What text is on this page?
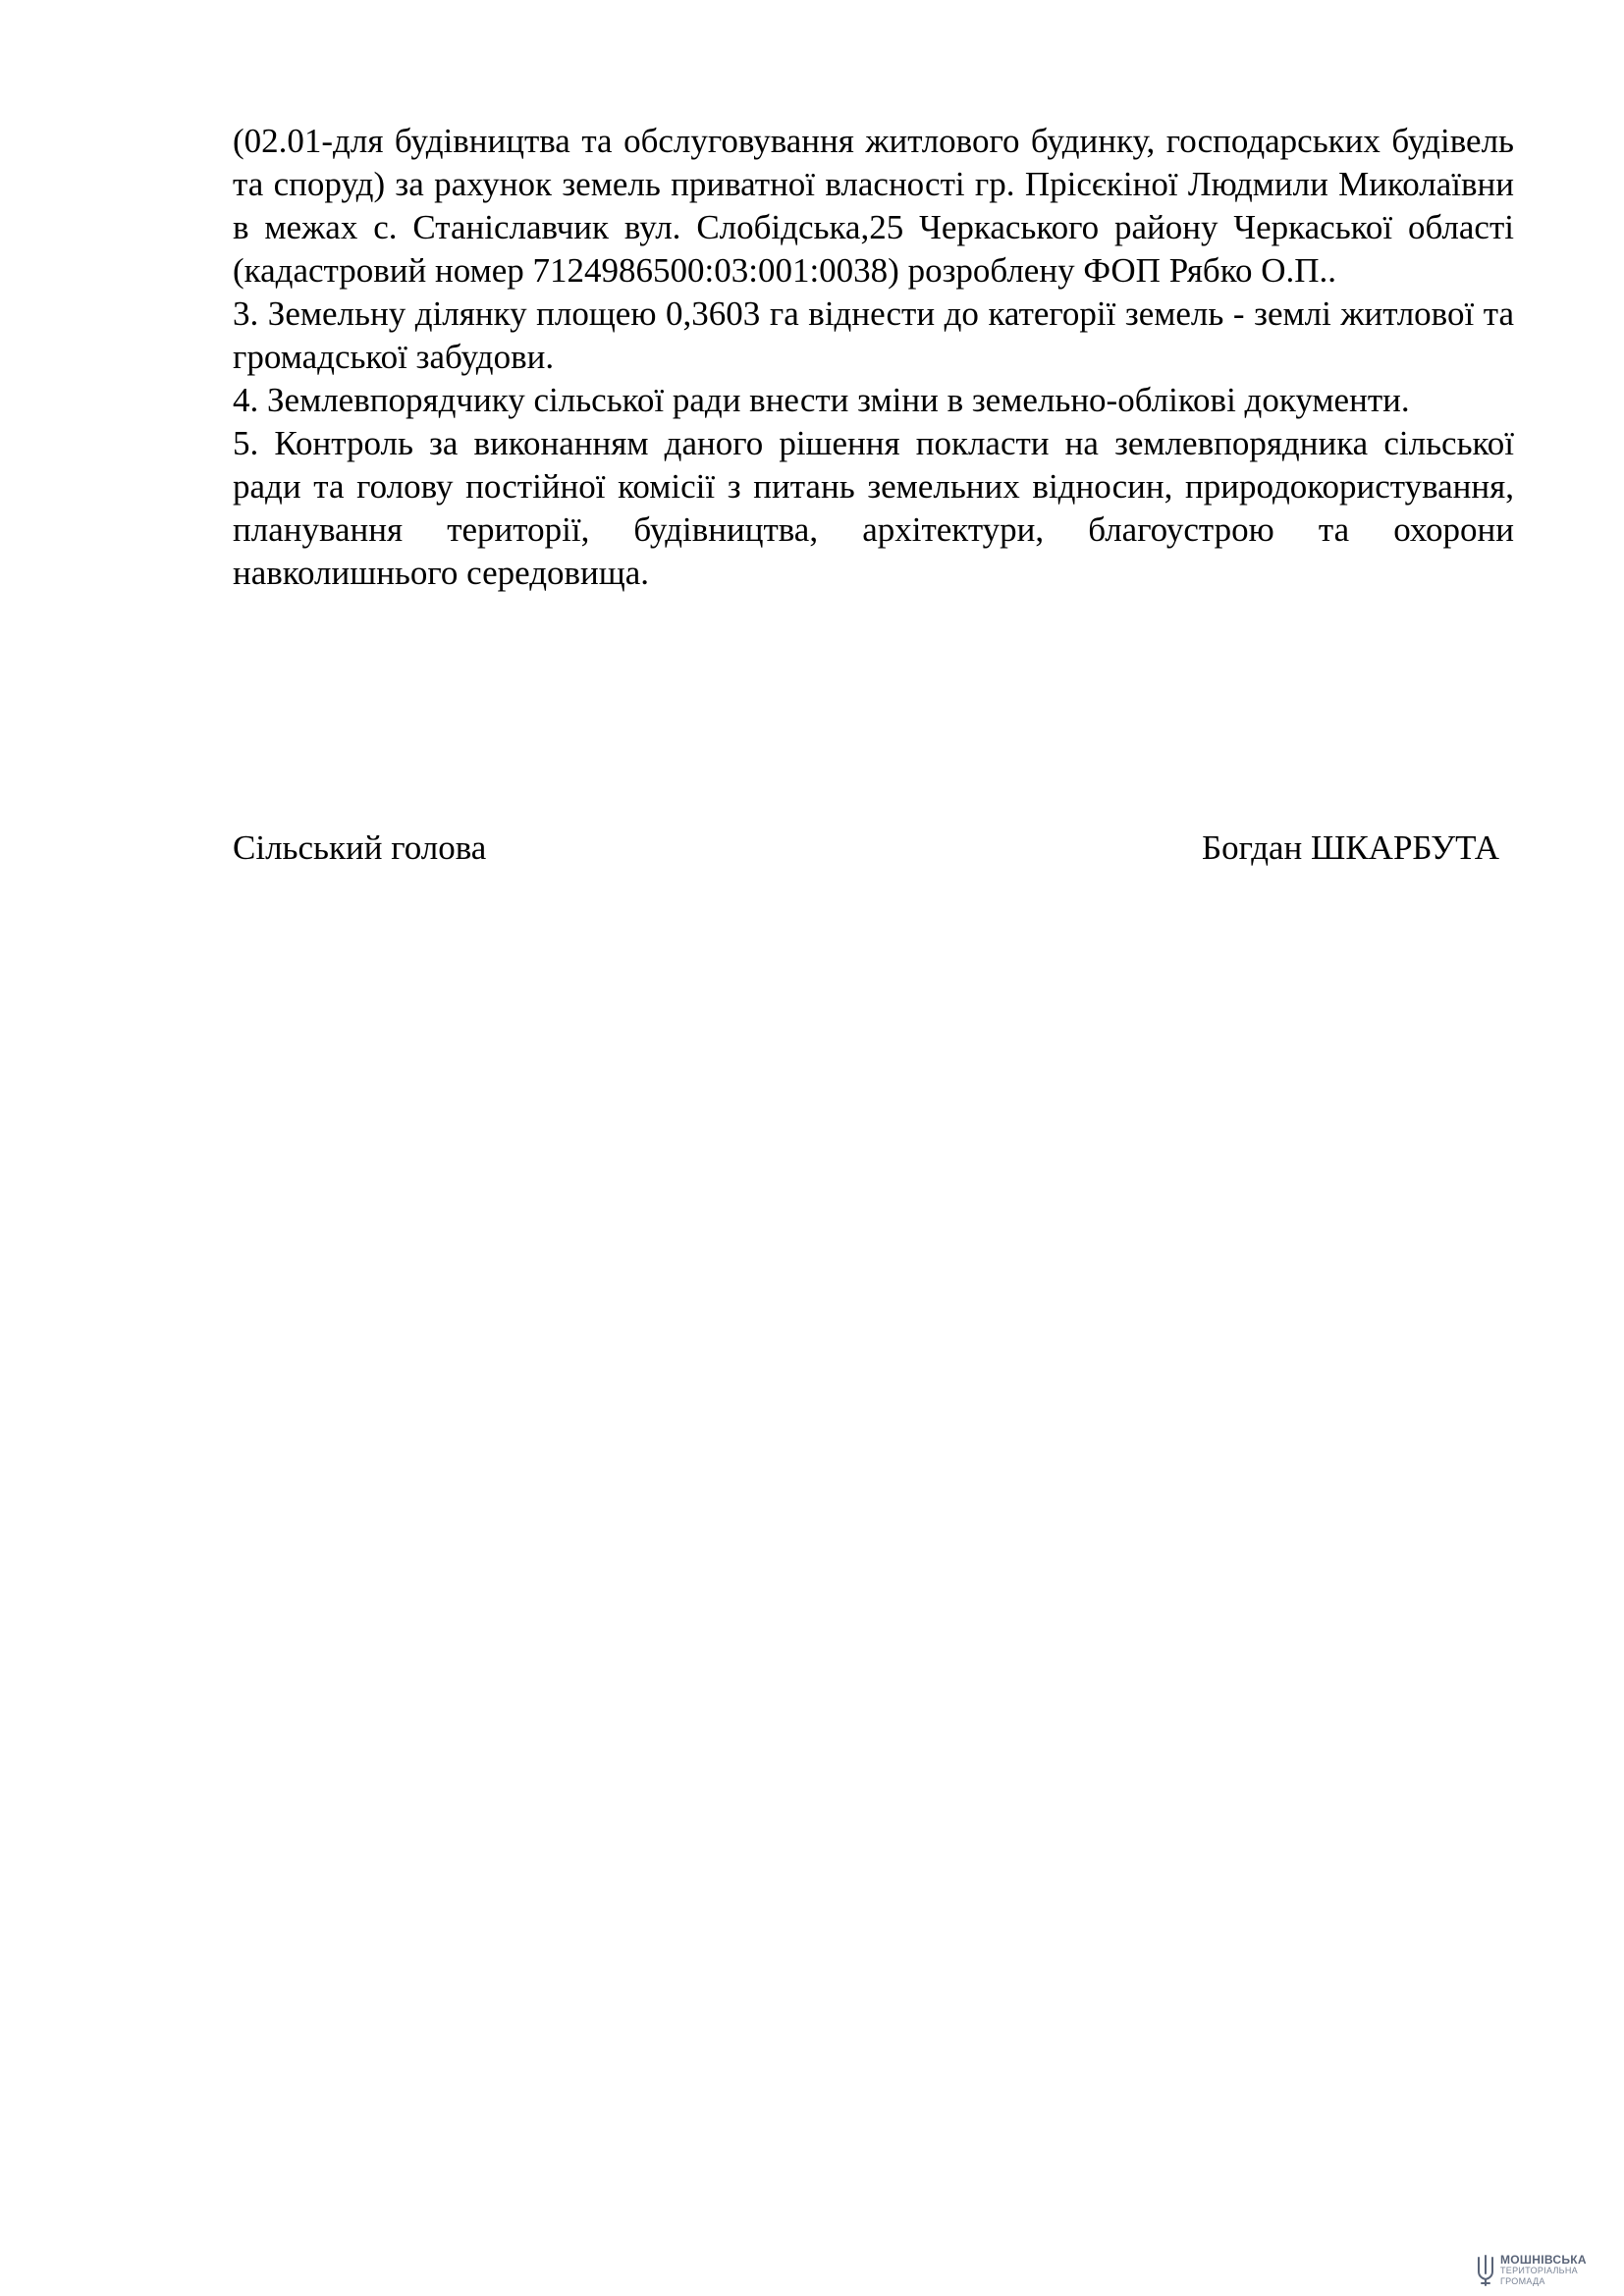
(02.01-для будівництва та обслуговування житлового будинку, господарських будівель та споруд) за рахунок земель приватної власності гр. Прісєкіної Людмили Миколаївни в межах с. Станіславчик вул. Слобідська,25 Черкаського району Черкаської області (кадастровий номер 7124986500:03:001:0038) розроблену ФОП Рябко О.П..

3. Земельну ділянку площею 0,3603 га віднести до категорії земель - землі житлової та громадської забудови.

4. Землевпорядчику сільської ради внести зміни в земельно-облікові документи.

5. Контроль за виконанням даного рішення покласти на землевпорядника сільської ради та голову постійної комісії з питань земельних відносин, природокористування, планування території, будівництва, архітектури, благоустрою та охорони навколишнього середовища.

Сільський голова	Богдан ШКАРБУТА
МОШНІВСЬКА
ТЕРИТОРІАЛЬНА
ГРОМАДА
